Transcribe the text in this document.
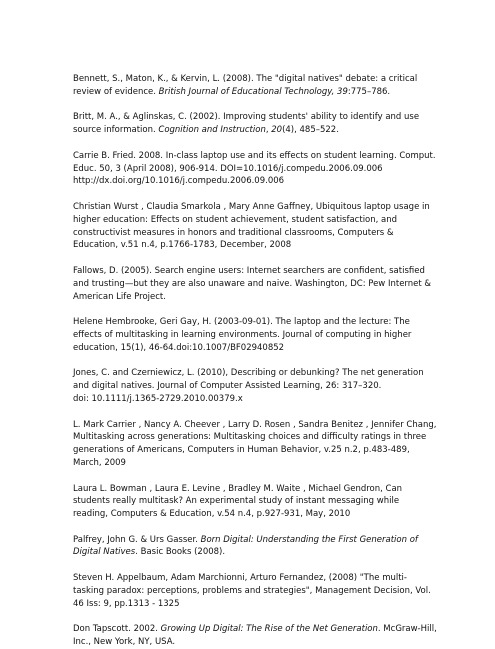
Bennett, S., Maton, K., & Kervin, L. (2008). The "digital natives" debate: a critical
review of evidence. British Journal of Educational Technology, 39:775–786.
Britt, M. A., & Aglinskas, C. (2002). Improving students' ability to identify and use
source information. Cognition and Instruction, 20(4), 485–522.
Carrie B. Fried. 2008. In-class laptop use and its effects on student learning. Comput.
Educ. 50, 3 (April 2008), 906-914. DOI=10.1016/j.compedu.2006.09.006
http://dx.doi.org/10.1016/j.compedu.2006.09.006
Christian Wurst , Claudia Smarkola , Mary Anne Gaffney, Ubiquitous laptop usage in
higher education: Effects on student achievement, student satisfaction, and
constructivist measures in honors and traditional classrooms, Computers &
Education, v.51 n.4, p.1766-1783, December, 2008
Fallows, D. (2005). Search engine users: Internet searchers are confident, satisfied
and trusting—but they are also unaware and naive. Washington, DC: Pew Internet &
American Life Project.
Helene Hembrooke, Geri Gay, H. (2003-09-01). The laptop and the lecture: The
effects of multitasking in learning environments. Journal of computing in higher
education, 15(1), 46-64.doi:10.1007/BF02940852
Jones, C. and Czerniewicz, L. (2010), Describing or debunking? The net generation
and digital natives. Journal of Computer Assisted Learning, 26: 317–320.
doi: 10.1111/j.1365-2729.2010.00379.x
L. Mark Carrier , Nancy A. Cheever , Larry D. Rosen , Sandra Benitez , Jennifer Chang,
Multitasking across generations: Multitasking choices and difficulty ratings in three
generations of Americans, Computers in Human Behavior, v.25 n.2, p.483-489,
March, 2009
Laura L. Bowman , Laura E. Levine , Bradley M. Waite , Michael Gendron, Can
students really multitask? An experimental study of instant messaging while
reading, Computers & Education, v.54 n.4, p.927-931, May, 2010
Palfrey, John G. & Urs Gasser. Born Digital: Understanding the First Generation of
Digital Natives. Basic Books (2008).
Steven H. Appelbaum, Adam Marchionni, Arturo Fernandez, (2008) "The multi-
tasking paradox: perceptions, problems and strategies", Management Decision, Vol.
46 Iss: 9, pp.1313 - 1325
Don Tapscott. 2002. Growing Up Digital: The Rise of the Net Generation. McGraw-Hill,
Inc., New York, NY, USA.
